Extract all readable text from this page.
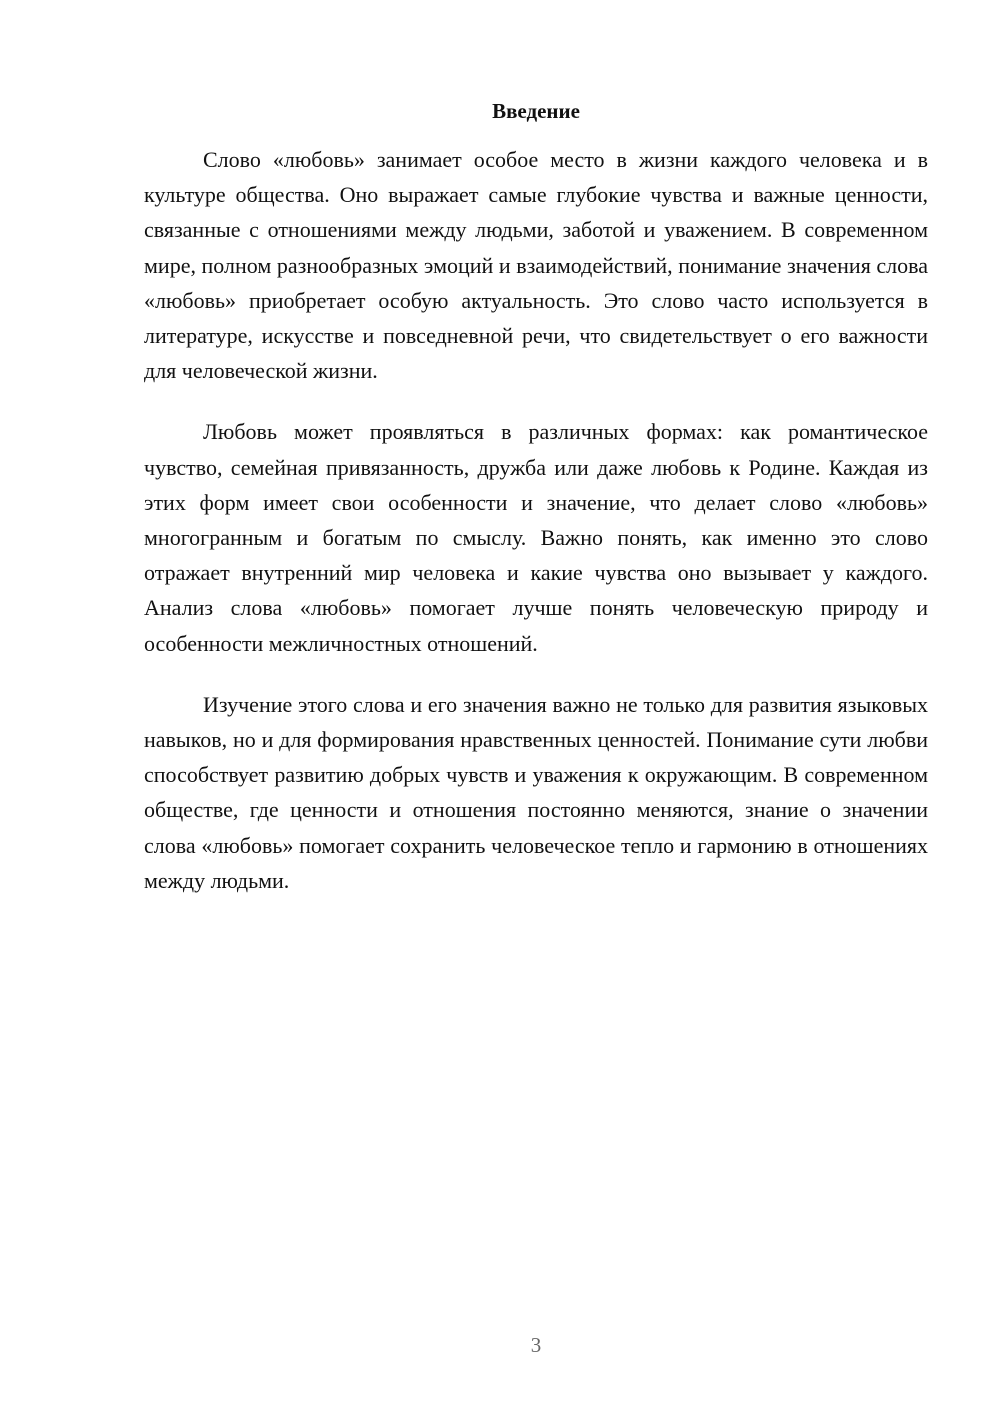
Введение

Слово «любовь» занимает особое место в жизни каждого человека и в культуре общества. Оно выражает самые глубокие чувства и важные ценности, связанные с отношениями между людьми, заботой и уважением. В современном мире, полном разнообразных эмоций и взаимодействий, понимание значения слова «любовь» приобретает особую актуальность. Это слово часто используется в литературе, искусстве и повседневной речи, что свидетельствует о его важности для человеческой жизни.

Любовь может проявляться в различных формах: как романтическое чувство, семейная привязанность, дружба или даже любовь к Родине. Каждая из этих форм имеет свои особенности и значение, что делает слово «любовь» многогранным и богатым по смыслу. Важно понять, как именно это слово отражает внутренний мир человека и какие чувства оно вызывает у каждого. Анализ слова «любовь» помогает лучше понять человеческую природу и особенности межличностных отношений.

Изучение этого слова и его значения важно не только для развития языковых навыков, но и для формирования нравственных ценностей. Понимание сути любви способствует развитию добрых чувств и уважения к окружающим. В современном обществе, где ценности и отношения постоянно меняются, знание о значении слова «любовь» помогает сохранить человеческое тепло и гармонию в отношениях между людьми.

3
